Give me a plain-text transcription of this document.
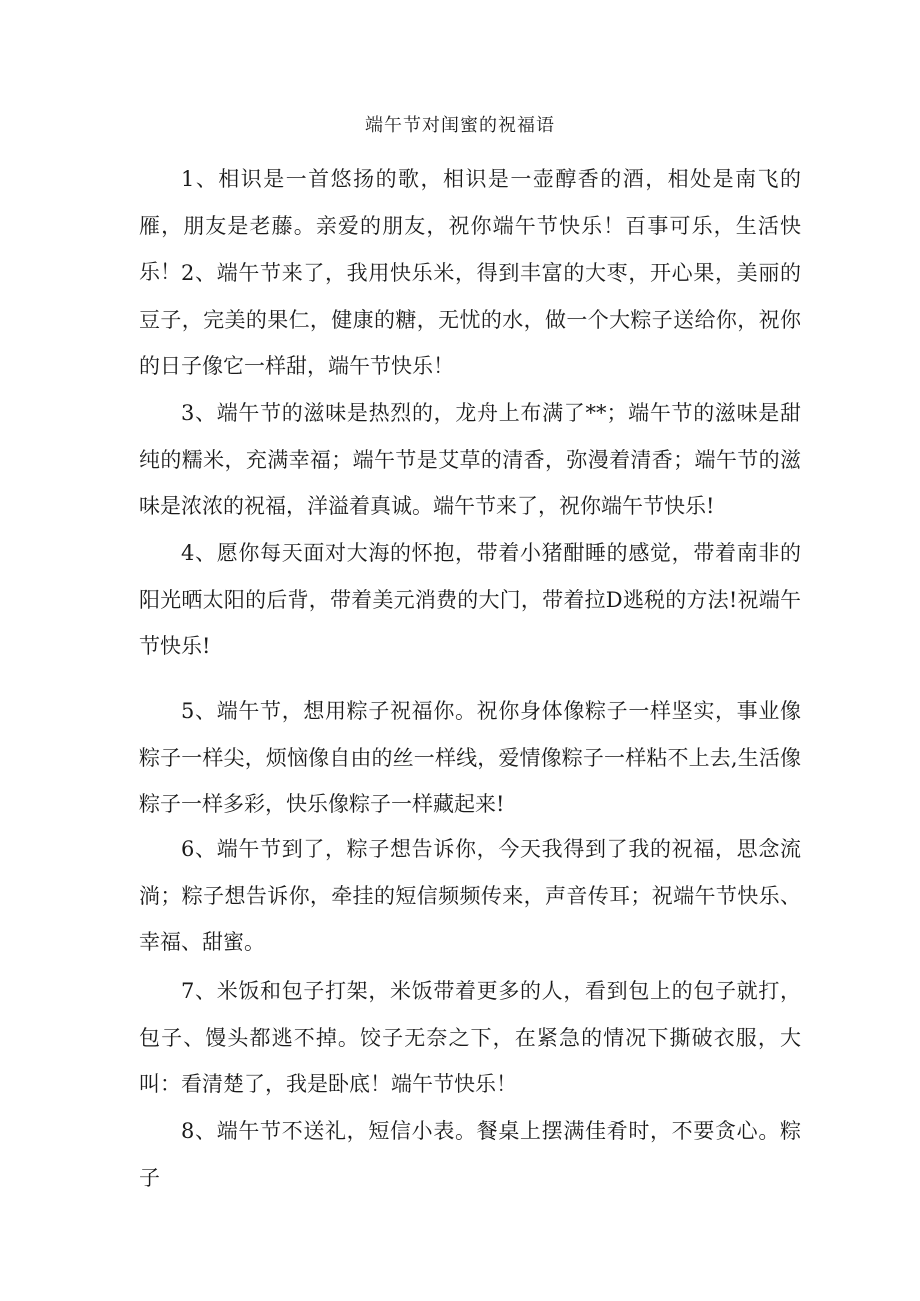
端午节对闺蜜的祝福语

1、相识是一首悠扬的歌，相识是一壶醇香的酒，相处是南飞的雁，朋友是老藤。亲爱的朋友，祝你端午节快乐！百事可乐，生活快乐！ 2、端午节来了，我用快乐米，得到丰富的大枣，开心果，美丽的豆子，完美的果仁，健康的糖，无忧的水，做一个大粽子送给你，祝你的日子像它一样甜，端午节快乐！

3、端午节的滋味是热烈的，龙舟上布满了**；端午节的滋味是甜纯的糯米，充满幸福；端午节是艾草的清香，弥漫着清香；端午节的滋味是浓浓的祝福，洋溢着真诚。端午节来了，祝你端午节快乐!

4、愿你每天面对大海的怀抱，带着小猪酣睡的感觉，带着南非的阳光晒太阳的后背，带着美元消费的大门，带着拉D逃税的方法!祝端午节快乐!

5、端午节，想用粽子祝福你。祝你身体像粽子一样坚实，事业像粽子一样尖，烦恼像自由的丝一样线，爱情像粽子一样粘不上去,生活像粽子一样多彩，快乐像粽子一样藏起来!

6、端午节到了，粽子想告诉你，今天我得到了我的祝福，思念流淌；粽子想告诉你，牵挂的短信频频传来，声音传耳；祝端午节快乐、幸福、甜蜜。

7、米饭和包子打架，米饭带着更多的人，看到包上的包子就打，包子、馒头都逃不掉。饺子无奈之下，在紧急的情况下撕破衣服，大叫：看清楚了，我是卧底！端午节快乐！

8、端午节不送礼，短信小表。餐桌上摆满佳肴时，不要贪心。粽子
